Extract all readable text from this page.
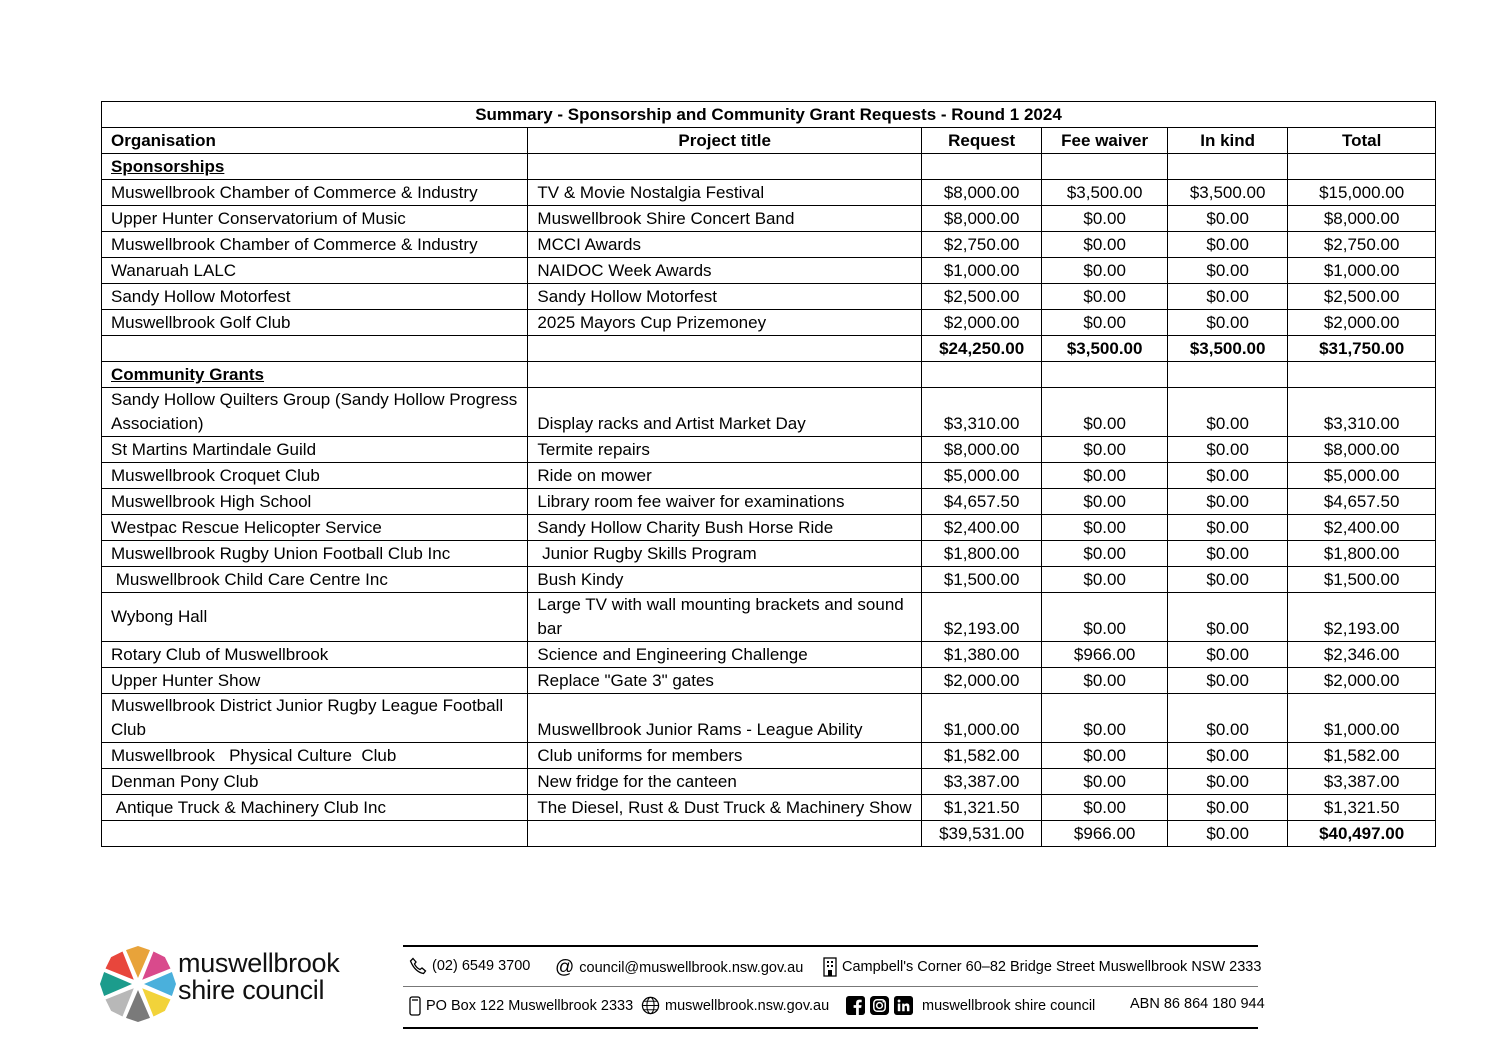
Summary - Sponsorship and Community Grant Requests - Round 1 2024					
Organisation	Project title	Request	Fee waiver	In kind	Total
Sponsorships					
Muswellbrook Chamber of Commerce & Industry	TV & Movie Nostalgia Festival	$8,000.00	$3,500.00	$3,500.00	$15,000.00
Upper Hunter Conservatorium of Music	Muswellbrook Shire Concert Band	$8,000.00	$0.00	$0.00	$8,000.00
Muswellbrook Chamber of Commerce & Industry	MCCI Awards	$2,750.00	$0.00	$0.00	$2,750.00
Wanaruah LALC	NAIDOC Week Awards	$1,000.00	$0.00	$0.00	$1,000.00
Sandy Hollow Motorfest	Sandy Hollow Motorfest	$2,500.00	$0.00	$0.00	$2,500.00
Muswellbrook Golf Club	2025 Mayors Cup Prizemoney	$2,000.00	$0.00	$0.00	$2,000.00
		$24,250.00	$3,500.00	$3,500.00	$31,750.00
Community Grants					
Sandy Hollow Quilters Group (Sandy Hollow Progress Association)	Display racks and Artist Market Day	$3,310.00	$0.00	$0.00	$3,310.00
St Martins Martindale Guild	Termite repairs	$8,000.00	$0.00	$0.00	$8,000.00
Muswellbrook Croquet Club	Ride on mower	$5,000.00	$0.00	$0.00	$5,000.00
Muswellbrook High School	Library room fee waiver for examinations	$4,657.50	$0.00	$0.00	$4,657.50
Westpac Rescue Helicopter Service	Sandy Hollow Charity Bush Horse Ride	$2,400.00	$0.00	$0.00	$2,400.00
Muswellbrook Rugby Union Football Club Inc	Junior Rugby Skills Program	$1,800.00	$0.00	$0.00	$1,800.00
Muswellbrook Child Care Centre Inc	Bush Kindy	$1,500.00	$0.00	$0.00	$1,500.00
Wybong Hall	Large TV with wall mounting brackets and sound bar	$2,193.00	$0.00	$0.00	$2,193.00
Rotary Club of Muswellbrook	Science and Engineering Challenge	$1,380.00	$966.00	$0.00	$2,346.00
Upper Hunter Show	Replace "Gate 3" gates	$2,000.00	$0.00	$0.00	$2,000.00
Muswellbrook District Junior Rugby League Football Club	Muswellbrook Junior Rams - League Ability	$1,000.00	$0.00	$0.00	$1,000.00
Muswellbrook   Physical Culture  Club	Club uniforms for members	$1,582.00	$0.00	$0.00	$1,582.00
Denman Pony Club	New fridge for the canteen	$3,387.00	$0.00	$0.00	$3,387.00
Antique Truck & Machinery Club Inc	The Diesel, Rust & Dust Truck & Machinery Show	$1,321.50	$0.00	$0.00	$1,321.50
		$39,531.00	$966.00	$0.00	$40,497.00
muswellbrook
shire council
(02) 6549 3700 @ council@muswellbrook.nsw.gov.au	Campbell's Corner 60–82 Bridge Street Muswellbrook NSW 2333
PO Box 122 Muswellbrook 2333 muswellbrook.nsw.gov.au	muswellbrook shire council ABN 86 864 180 944
